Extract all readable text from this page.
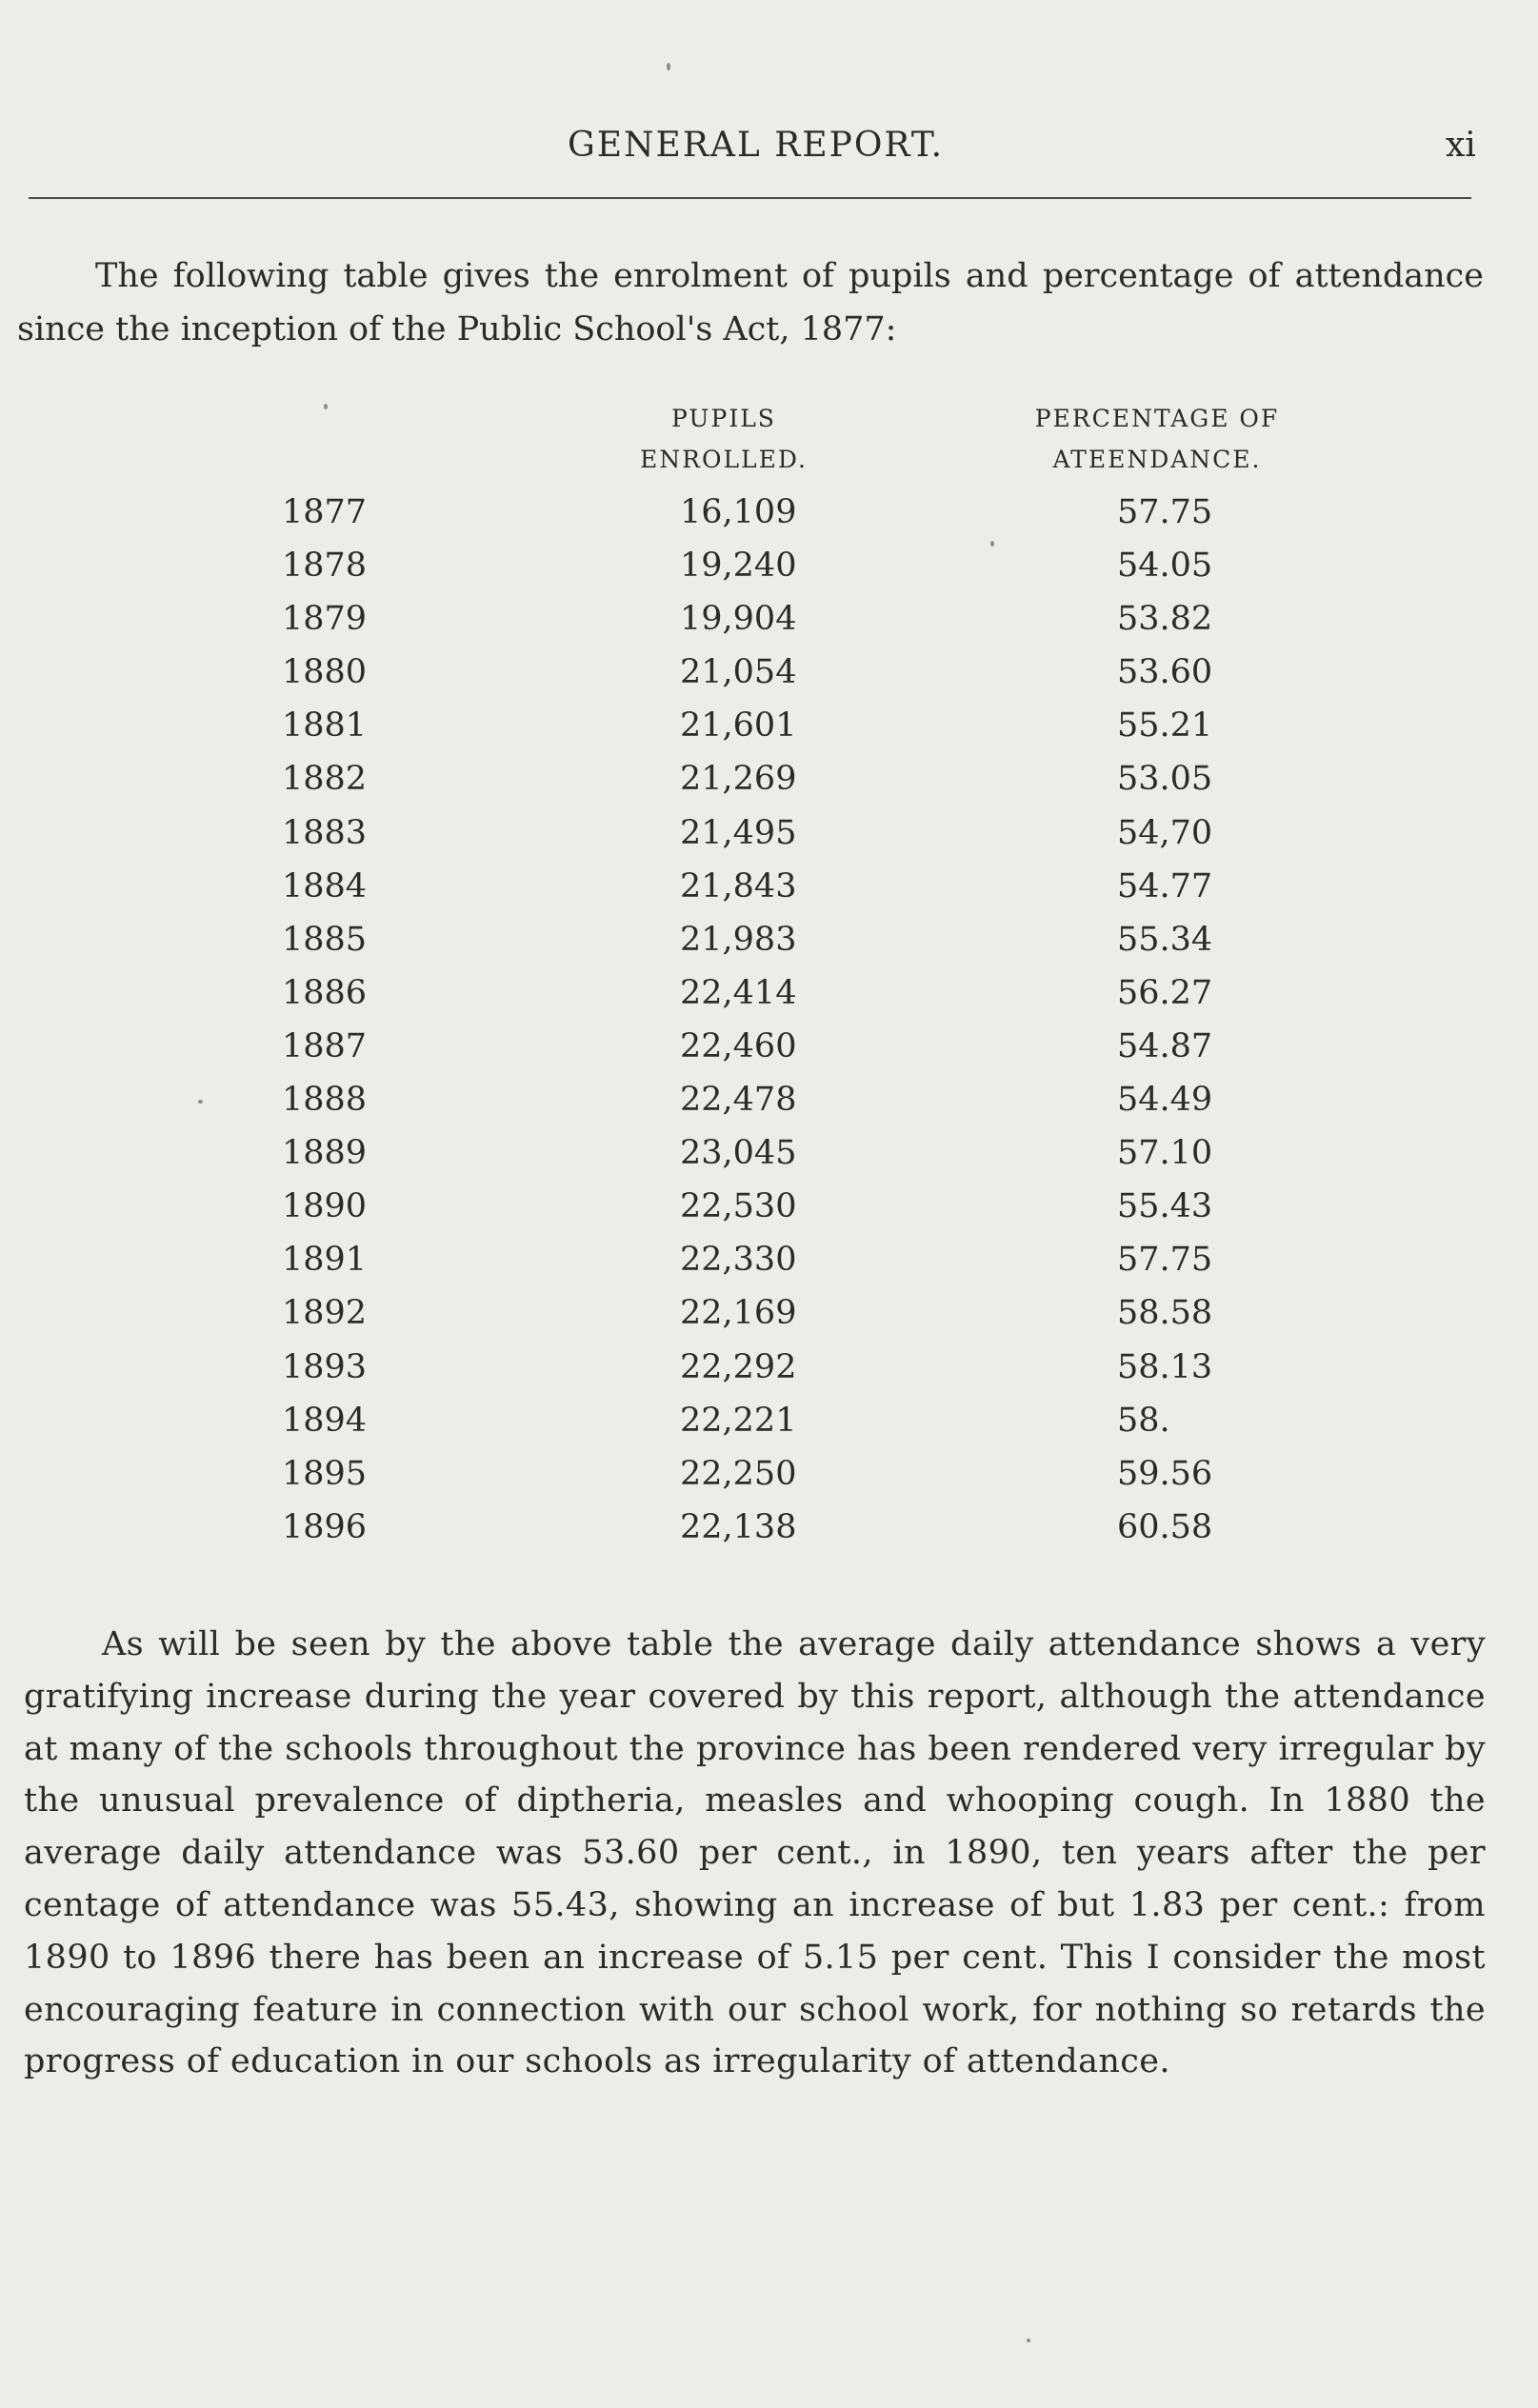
GENERAL REPORT.	xi

The following table gives the enrolment of pupils and percentage of attendance since the inception of the Public School's Act, 1877:

PUPILS
ENROLLED.
PERCENTAGE OF
ATEENDANCE.
1877	16,109	57.75
1878	19,240	54.05
1879	19,904	53.82
1880	21,054	53.60
1881	21,601	55.21
1882	21,269	53.05
1883	21,495	54,70
1884	21,843	54.77
1885	21,983	55.34
1886	22,414	56.27
1887	22,460	54.87
1888	22,478	54.49
1889	23,045	57.10
1890	22,530	55.43
1891	22,330	57.75
1892	22,169	58.58
1893	22,292	58.13
1894	22,221	58.
1895	22,250	59.56
1896	22,138	60.58

As will be seen by the above table the average daily attendance shows a very gratifying increase during the year covered by this report, although the attendance at many of the schools throughout the province has been rendered very irregular by the unusual prevalence of diptheria, measles and whooping cough. In 1880 the average daily attendance was 53.60 per cent., in 1890, ten years after the per centage of attendance was 55.43, showing an increase of but 1.83 per cent.: from 1890 to 1896 there has been an increase of 5.15 per cent. This I consider the most encouraging feature in connection with our school work, for nothing so retards the progress of education in our schools as irregularity of attendance.
